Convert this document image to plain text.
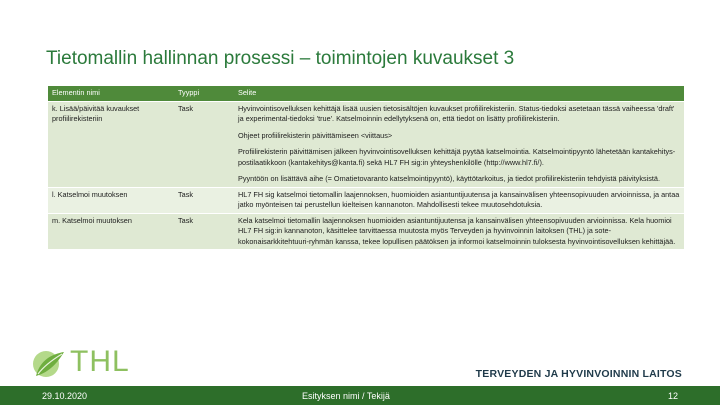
Tietomallin hallinnan prosessi – toimintojen kuvaukset 3
Elementin nimi	Tyyppi	Selite
k. Lisää/päivitää kuvaukset profiilirekisteriin	Task	Hyvinvointisovelluksen kehittäjä lisää uusien tietosisältöjen kuvaukset profiilirekisteriin. Status-tiedoksi asetetaan tässä vaiheessa 'draft' ja experimental-tiedoksi 'true'. Katselmoinnin edellytyksenä on, että tiedot on lisätty profiilirekisteriin.
Ohjeet profiilirekisterin päivittämiseen <viittaus>
Profiilirekisterin päivittämisen jälkeen hyvinvointisovelluksen kehittäjä pyytää katselmointia. Katselmointipyyntö lähetetään kantakehitys-postilaatikkoon (kantakehitys@kanta.fi) sekä HL7 FH sig:in yhteyshenkilölle (http://www.hl7.fi/).
Pyyntöön on lisättävä aihe (= Omatietovaranto katselmointipyyntö), käyttötarkoitus, ja tiedot profiilirekisteriin tehdyistä päivityksistä.

l. Katselmoi muutoksen	Task	HL7 FH sig katselmoi tietomallin laajennoksen, huomioiden asiantuntijuutensa ja kansainvälisen yhteensopivuuden arvioinnissa, ja antaa jatko myönteisen tai perustellun kielteisen kannanoton. Mahdollisesti tekee muutosehdotuksia.

m. Katselmoi muutoksen	Task	Kela katselmoi tietomallin laajennoksen huomioiden asiantuntijuutensa ja kansainvälisen yhteensopivuuden arvioinnissa. Kela huomioi HL7 FH sig:in kannanoton, käsittelee tarvittaessa muutosta myös Terveyden ja hyvinvoinnin laitoksen (THL) ja sote-kokonaisarkkitehtuuri-ryhmän kanssa, tekee lopullisen päätöksen ja informoi katselmoinnin tuloksesta hyvinvointisovelluksen kehittäjää.
THL	TERVEYDEN JA HYVINVOINNIN LAITOS
29.10.2020	Esityksen nimi / Tekijä	12
